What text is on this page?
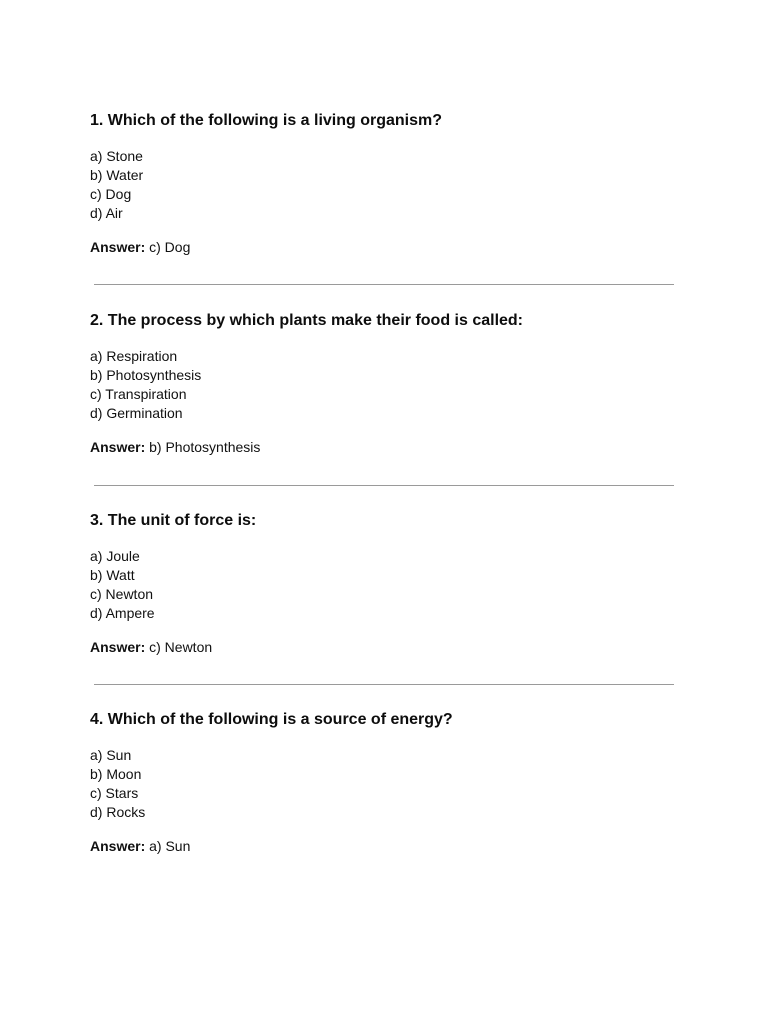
1. Which of the following is a living organism?
a) Stone
b) Water
c) Dog
d) Air
Answer: c) Dog
2. The process by which plants make their food is called:
a) Respiration
b) Photosynthesis
c) Transpiration
d) Germination
Answer: b) Photosynthesis
3. The unit of force is:
a) Joule
b) Watt
c) Newton
d) Ampere
Answer: c) Newton
4. Which of the following is a source of energy?
a) Sun
b) Moon
c) Stars
d) Rocks
Answer: a) Sun
